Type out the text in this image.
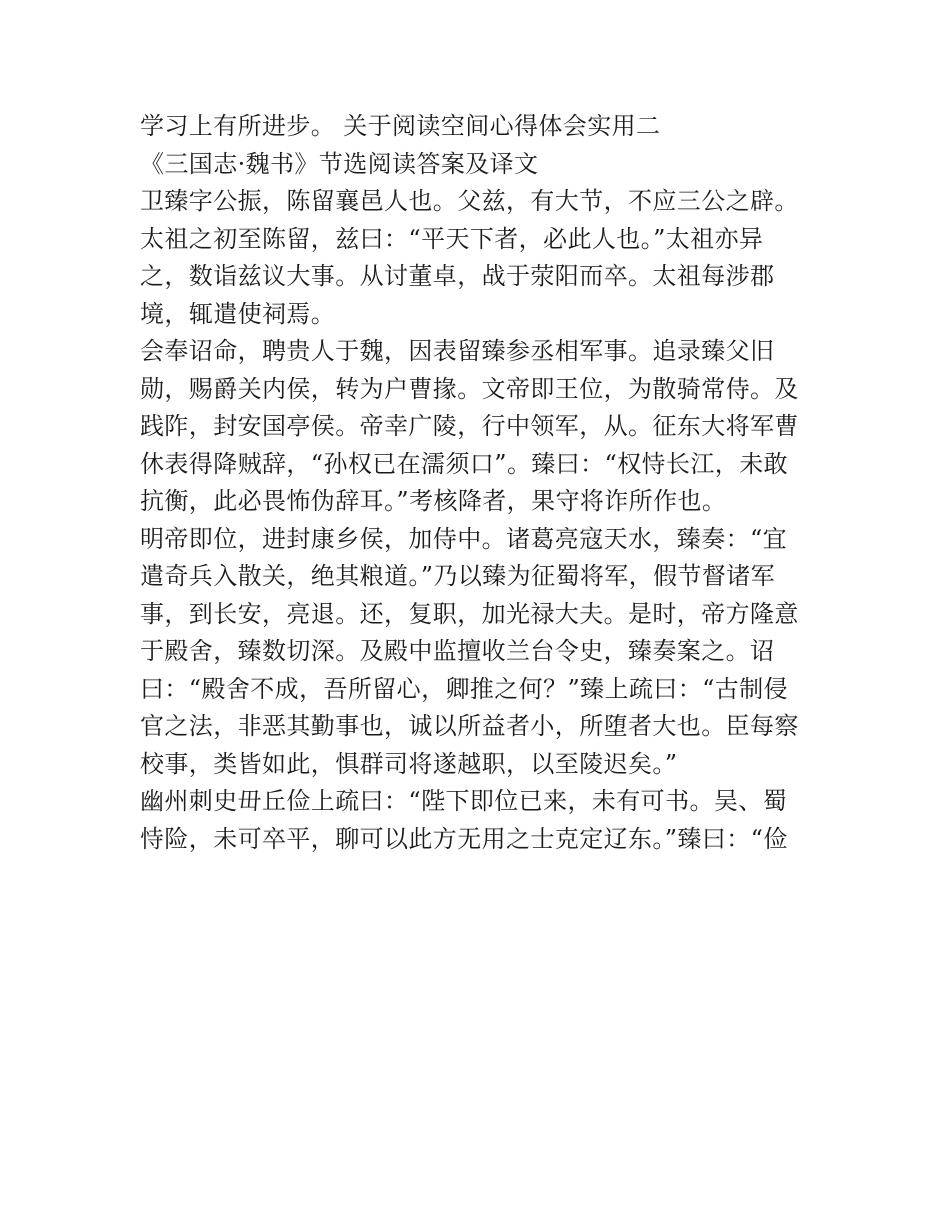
学习上有所进步。 关于阅读空间心得体会实用二
《三国志·魏书》节选阅读答案及译文
卫臻字公振，陈留襄邑人也。父兹，有大节，不应三公之辟。
太祖之初至陈留，兹曰：“平天下者，必此人也。”太祖亦异
之，数诣兹议大事。从讨董卓，战于荥阳而卒。太祖每涉郡
境，辄遣使祠焉。
会奉诏命，聘贵人于魏，因表留臻参丞相军事。追录臻父旧
勋，赐爵关内侯，转为户曹掾。文帝即王位，为散骑常侍。及
践阼，封安国亭侯。帝幸广陵，行中领军，从。征东大将军曹
休表得降贼辞，“孙权已在濡须口”。臻曰：“权恃长江，未敢
抗衡，此必畏怖伪辞耳。”考核降者，果守将诈所作也。
明帝即位，进封康乡侯，加侍中。诸葛亮寇天水，臻奏：“宜
遣奇兵入散关，绝其粮道。”乃以臻为征蜀将军，假节督诸军
事，到长安，亮退。还，复职，加光禄大夫。是时，帝方隆意
于殿舍，臻数切深。及殿中监擅收兰台令史，臻奏案之。诏
曰：“殿舍不成，吾所留心，卿推之何？”臻上疏曰：“古制侵
官之法，非恶其勤事也，诚以所益者小，所堕者大也。臣每察
校事，类皆如此，惧群司将遂越职，以至陵迟矣。”
幽州刺史毌丘俭上疏曰：“陛下即位已来，未有可书。吴、蜀
恃险，未可卒平，聊可以此方无用之士克定辽东。”臻曰：“俭
